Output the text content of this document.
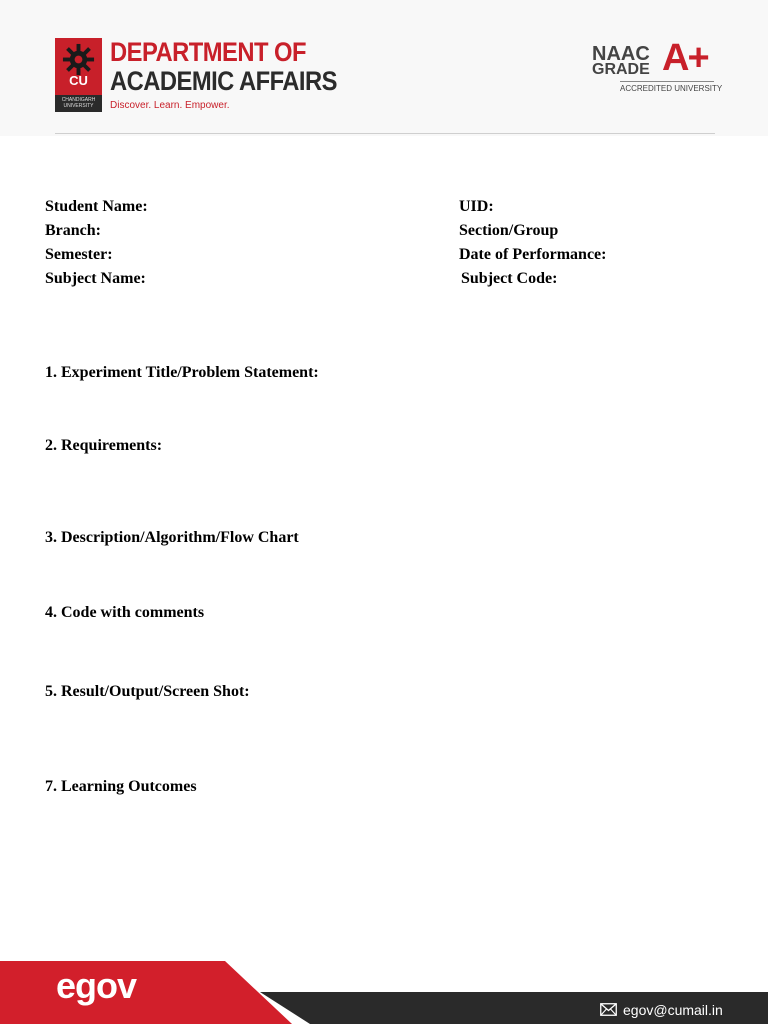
CU
CHANDIGARH UNIVERSITY
DEPARTMENT OF
ACADEMIC AFFAIRS
Discover. Learn. Empower.
NAAC
GRADE A+
ACCREDITED UNIVERSITY
Student Name:
Branch:
Semester:
Subject Name:
UID:
Section/Group
Date of Performance:
Subject Code:
1. Experiment Title/Problem Statement:
2. Requirements:
3. Description/Algorithm/Flow Chart
4. Code with comments
5. Result/Output/Screen Shot:
7. Learning Outcomes
egov
egov@cumail.in
